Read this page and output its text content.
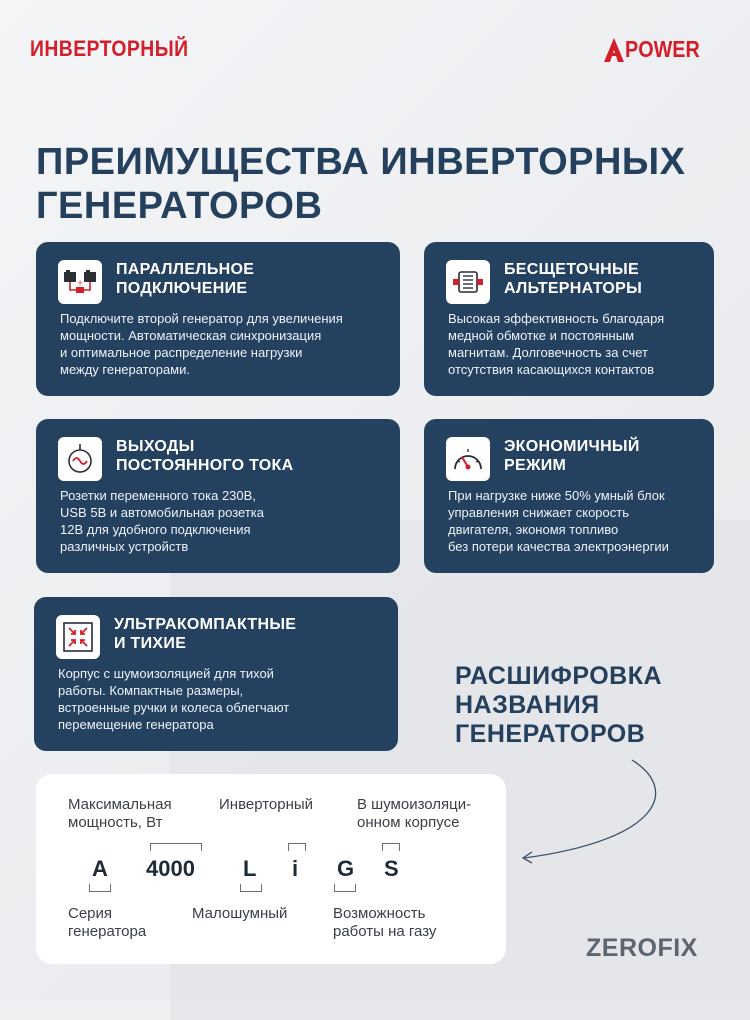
ИНВЕРТОРНЫЙ	POWER
ПРЕИМУЩЕСТВА ИНВЕРТОРНЫХ
ГЕНЕРАТОРОВ
+
ПАРАЛЛЕЛЬНОЕ
ПОДКЛЮЧЕНИЕ
Подключите второй генератор для увеличения
мощности. Автоматическая синхронизация
и оптимальное распределение нагрузки
между генераторами.
БЕСЩЕТОЧНЫЕ
АЛЬТЕРНАТОРЫ
Высокая эффективность благодаря
медной обмотке и постоянным
магнитам. Долговечность за счет
отсутствия касающихся контактов
ВЫХОДЫ
ПОСТОЯННОГО ТОКА
Розетки переменного тока 230В,
USB 5В и автомобильная розетка
12В для удобного подключения
различных устройств
ЭКОНОМИЧНЫЙ
РЕЖИМ
При нагрузке ниже 50% умный блок
управления снижает скорость
двигателя, экономя топливо
без потери качества электроэнергии
УЛЬТРАКОМПАКТНЫЕ
И ТИХИЕ
Корпус с шумоизоляцией для тихой
работы. Компактные размеры,
встроенные ручки и колеса облегчают
перемещение генератора
РАСШИФРОВКА
НАЗВАНИЯ
ГЕНЕРАТОРОВ
Максимальная
мощность, Вт
Инверторный	В шумоизоляци-
онном корпусе
A 4000 L i G S
Серия
генератора
Малошумный	Возможность
работы на газу
ZEROFIX
